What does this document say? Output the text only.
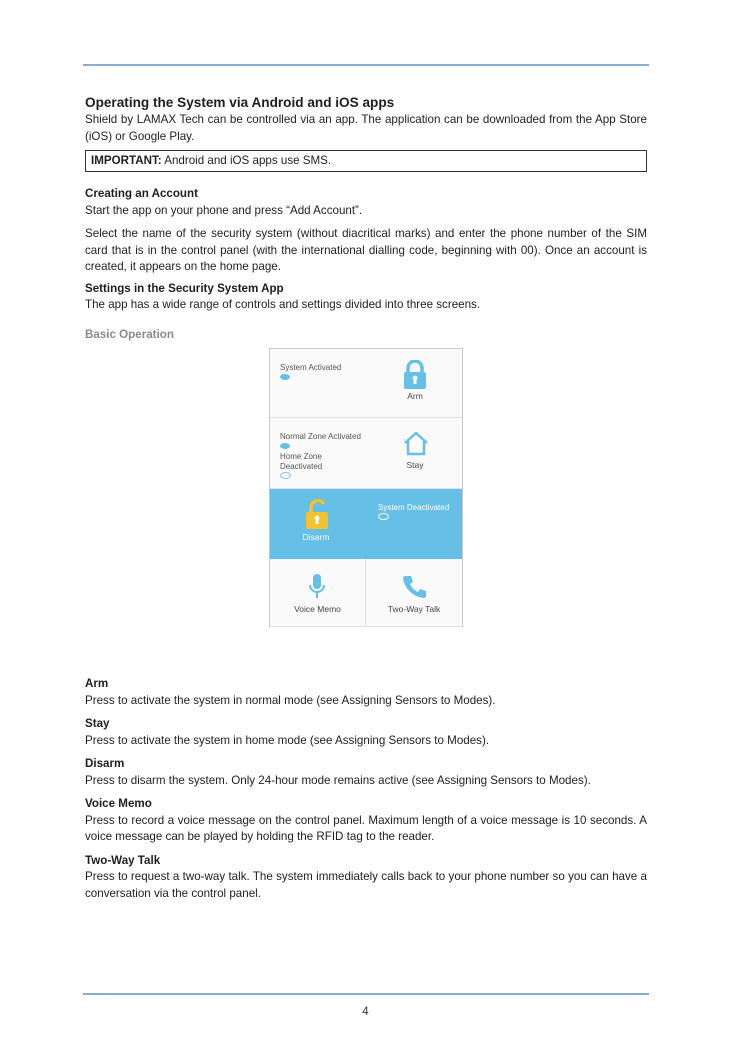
Operating the System via Android and iOS apps

Shield by LAMAX Tech can be controlled via an app. The application can be downloaded from the App Store (iOS) or Google Play.

IMPORTANT: Android and iOS apps use SMS.
Creating an Account

Start the app on your phone and press “Add Account”.

Select the name of the security system (without diacritical marks) and enter the phone number of the SIM card that is in the control panel (with the international dialling code, beginning with 00). Once an account is created, it appears on the home page.

Settings in the Security System App

The app has a wide range of controls and settings divided into three screens.

Basic Operation
Arm

Press to activate the system in normal mode (see Assigning Sensors to Modes).

Stay

Press to activate the system in home mode (see Assigning Sensors to Modes).

Disarm

Press to disarm the system. Only 24-hour mode remains active (see Assigning Sensors to Modes).

Voice Memo

Press to record a voice message on the control panel. Maximum length of a voice message is 10 seconds. A voice message can be played by holding the RFID tag to the reader.

Two-Way Talk

Press to request a two-way talk. The system immediately calls back to your phone number so you can have a conversation via the control panel.

System Activated
Arm
Normal Zone Activated
Home Zone
Deactivated	Stay
Disarm
System Deactivated
Voice Memo	Two-Way Talk
4
